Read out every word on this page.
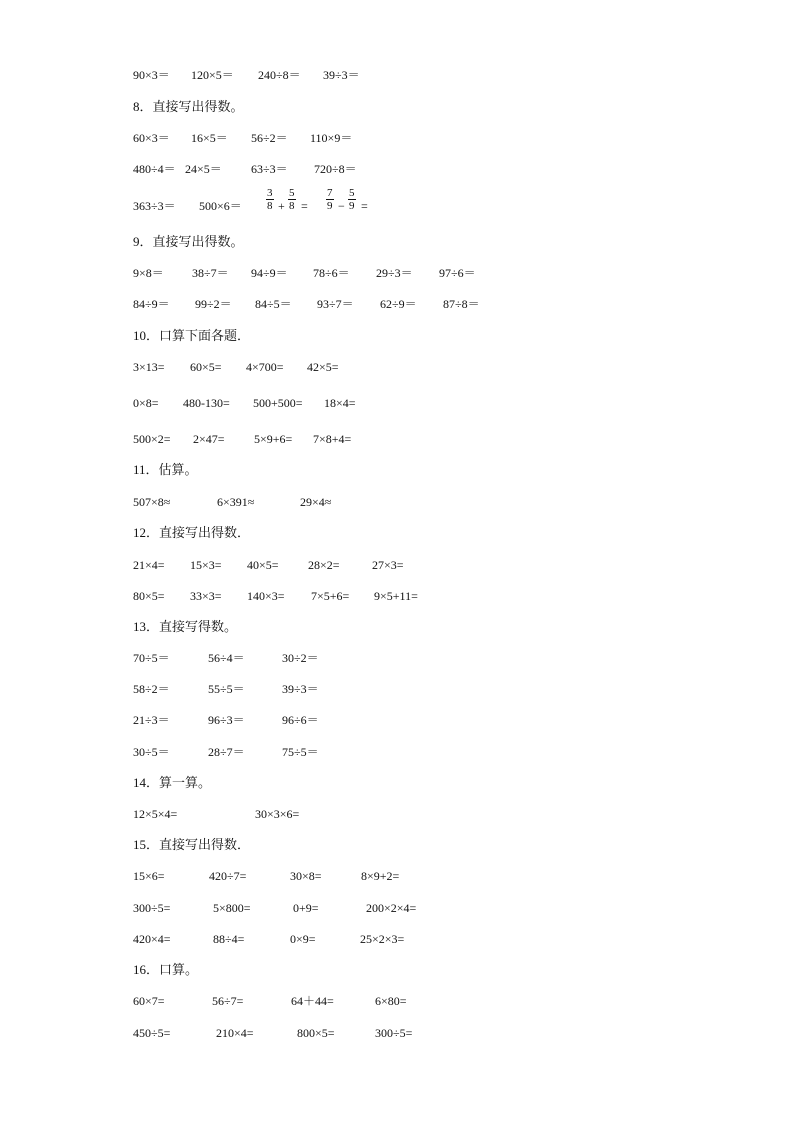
90×3＝ 120×5＝ 240÷8＝ 39÷3＝
8．直接写出得数。
60×3＝ 16×5＝ 56÷2＝ 110×9＝
480÷4＝ 24×5＝ 63÷3＝ 720÷8＝
$363\div 3= 500\times 6= \frac{3}{8} + \frac{5}{8} = \frac{7}{9} - \frac{5}{9}$ =
9．直接写出得数。
9×8＝ 38÷7＝ 94÷9＝ 78÷6＝ 29÷3＝ 97÷6＝
84÷9＝ 99÷2＝ 84÷5＝ 93÷7＝ 62÷9＝ 87÷8＝
10．口算下面各题．
3×13= 60×5= 4×700= 42×5=
0×8= 480-130= 500+500= 18×4=
500×2= 2×47= 5×9+6= 7×8+4=
11．估算。
507×8≈	6×391≈	29×4≈
12．直接写出得数．
21×4= 15×3= 40×5= 28×2=	27×3=
80×5= 33×3= 140×3= 7×5+6= 9×5+11=
13．直接写得数。
70÷5＝	56÷4＝	30÷2＝
58÷2＝	55÷5＝	39÷3＝
21÷3＝	96÷3＝	96÷6＝
30÷5＝	28÷7＝	75÷5＝
14．算一算。
12×5×4=	30×3×6=
15．直接写出得数．
15×6=	420÷7=	30×8=	8×9+2=
300÷5=	5×800=	0+9=	200×2×4=
420×4=	88÷4=	0×9=	25×2×3=
16．口算。
60×7=	56÷7=	64＋44=	6×80=
450÷5=	210×4=	800×5=	300÷5=
